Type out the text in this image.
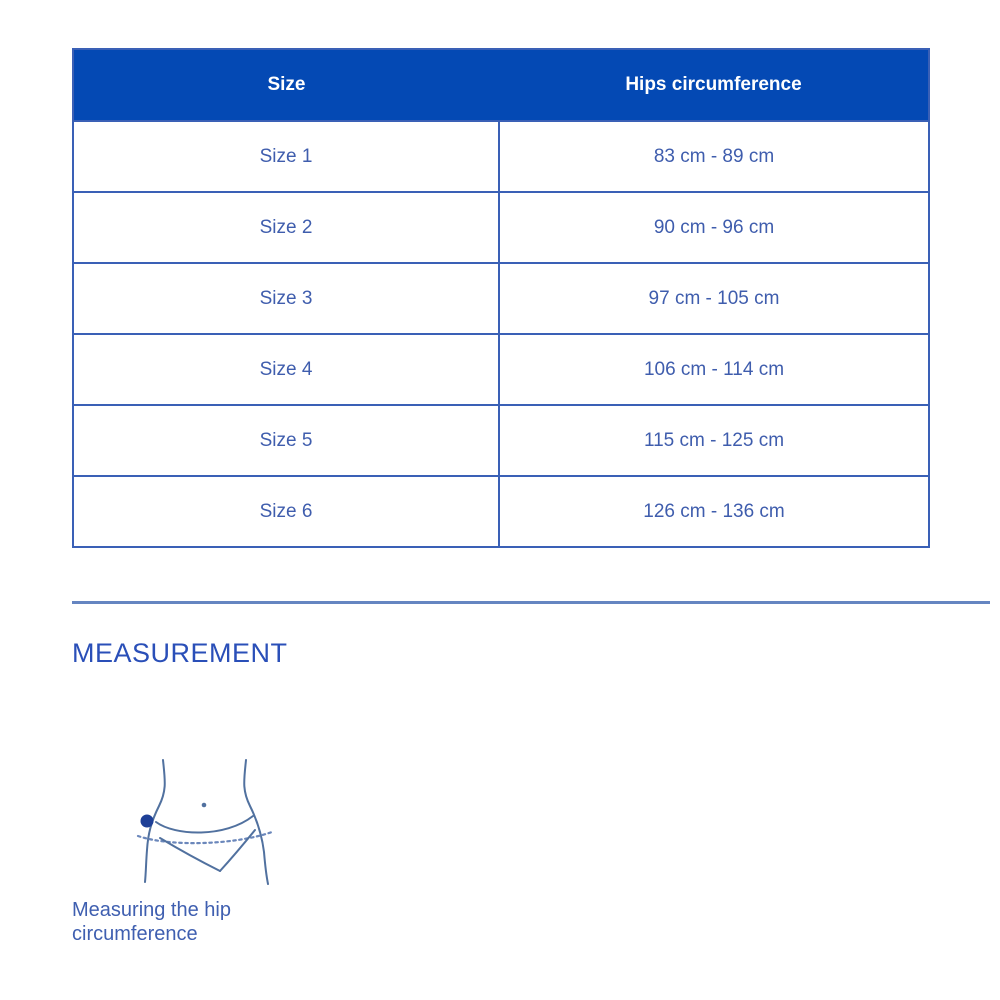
Size	Hips circumference
Size 1	83 cm - 89 cm
Size 2	90 cm - 96 cm
Size 3	97 cm - 105 cm
Size 4	106 cm - 114 cm
Size 5	115 cm - 125 cm
Size 6	126 cm - 136 cm
MEASUREMENT
Measuring the hip circumference
